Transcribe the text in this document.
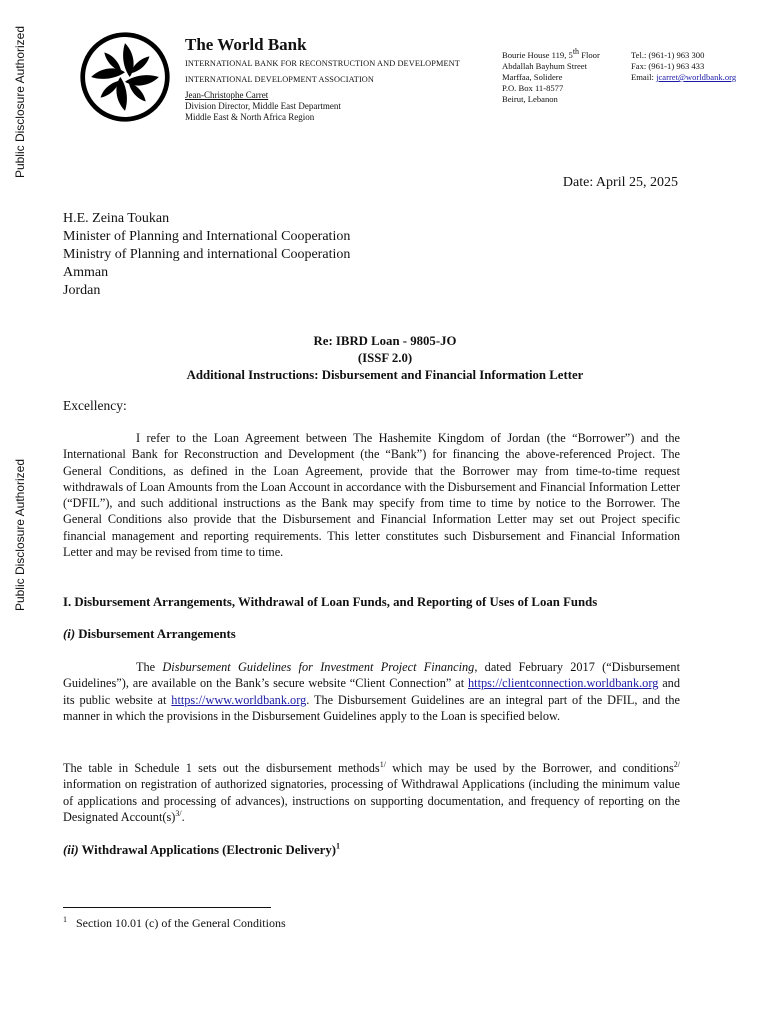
Public Disclosure Authorized
Public Disclosure Authorized
The World Bank
INTERNATIONAL BANK FOR RECONSTRUCTION AND DEVELOPMENT
INTERNATIONAL DEVELOPMENT ASSOCIATION
Jean-Christophe Carret
Division Director, Middle East Department
Middle East & North Africa Region
Bourie House 119, 5th Floor
Abdallah Bayhum Street
Marffaa, Solidere
P.O. Box 11-8577
Beirut, Lebanon
Tel.: (961-1) 963 300
Fax: (961-1) 963 433
Email: jcarret@worldbank.org
Date: April 25, 2025
H.E. Zeina Toukan
Minister of Planning and International Cooperation
Ministry of Planning and international Cooperation
Amman
Jordan
Re: IBRD Loan - 9805-JO
(ISSF 2.0)
Additional Instructions: Disbursement and Financial Information Letter
Excellency:

I refer to the Loan Agreement between The Hashemite Kingdom of Jordan (the “Borrower”) and the International Bank for Reconstruction and Development (the “Bank”) for financing the above-referenced Project. The General Conditions, as defined in the Loan Agreement, provide that the Borrower may from time-to-time request withdrawals of Loan Amounts from the Loan Account in accordance with the Disbursement and Financial Information Letter (“DFIL”), and such additional instructions as the Bank may specify from time to time by notice to the Borrower. The General Conditions also provide that the Disbursement and Financial Information Letter may set out Project specific financial management and reporting requirements. This letter constitutes such Disbursement and Financial Information Letter and may be revised from time to time.

I. Disbursement Arrangements, Withdrawal of Loan Funds, and Reporting of Uses of Loan Funds
(i) Disbursement Arrangements

The Disbursement Guidelines for Investment Project Financing, dated February 2017 (“Disbursement Guidelines”), are available on the Bank’s secure website “Client Connection” at https://clientconnection.worldbank.org and its public website at https://www.worldbank.org. The Disbursement Guidelines are an integral part of the DFIL, and the manner in which the provisions in the Disbursement Guidelines apply to the Loan is specified below.

The table in Schedule 1 sets out the disbursement methods$^{1/}$ which may be used by the Borrower, and conditions$^{2/}$ information on registration of authorized signatories, processing of Withdrawal Applications (including the minimum value of applications and processing of advances), instructions on supporting documentation, and frequency of reporting on the Designated $Account(s)^{3/}$.

(ii) Withdrawal Applications (Electronic Delivery)$^1$
$^1$ Section 10.01 (c) of the General Conditions
